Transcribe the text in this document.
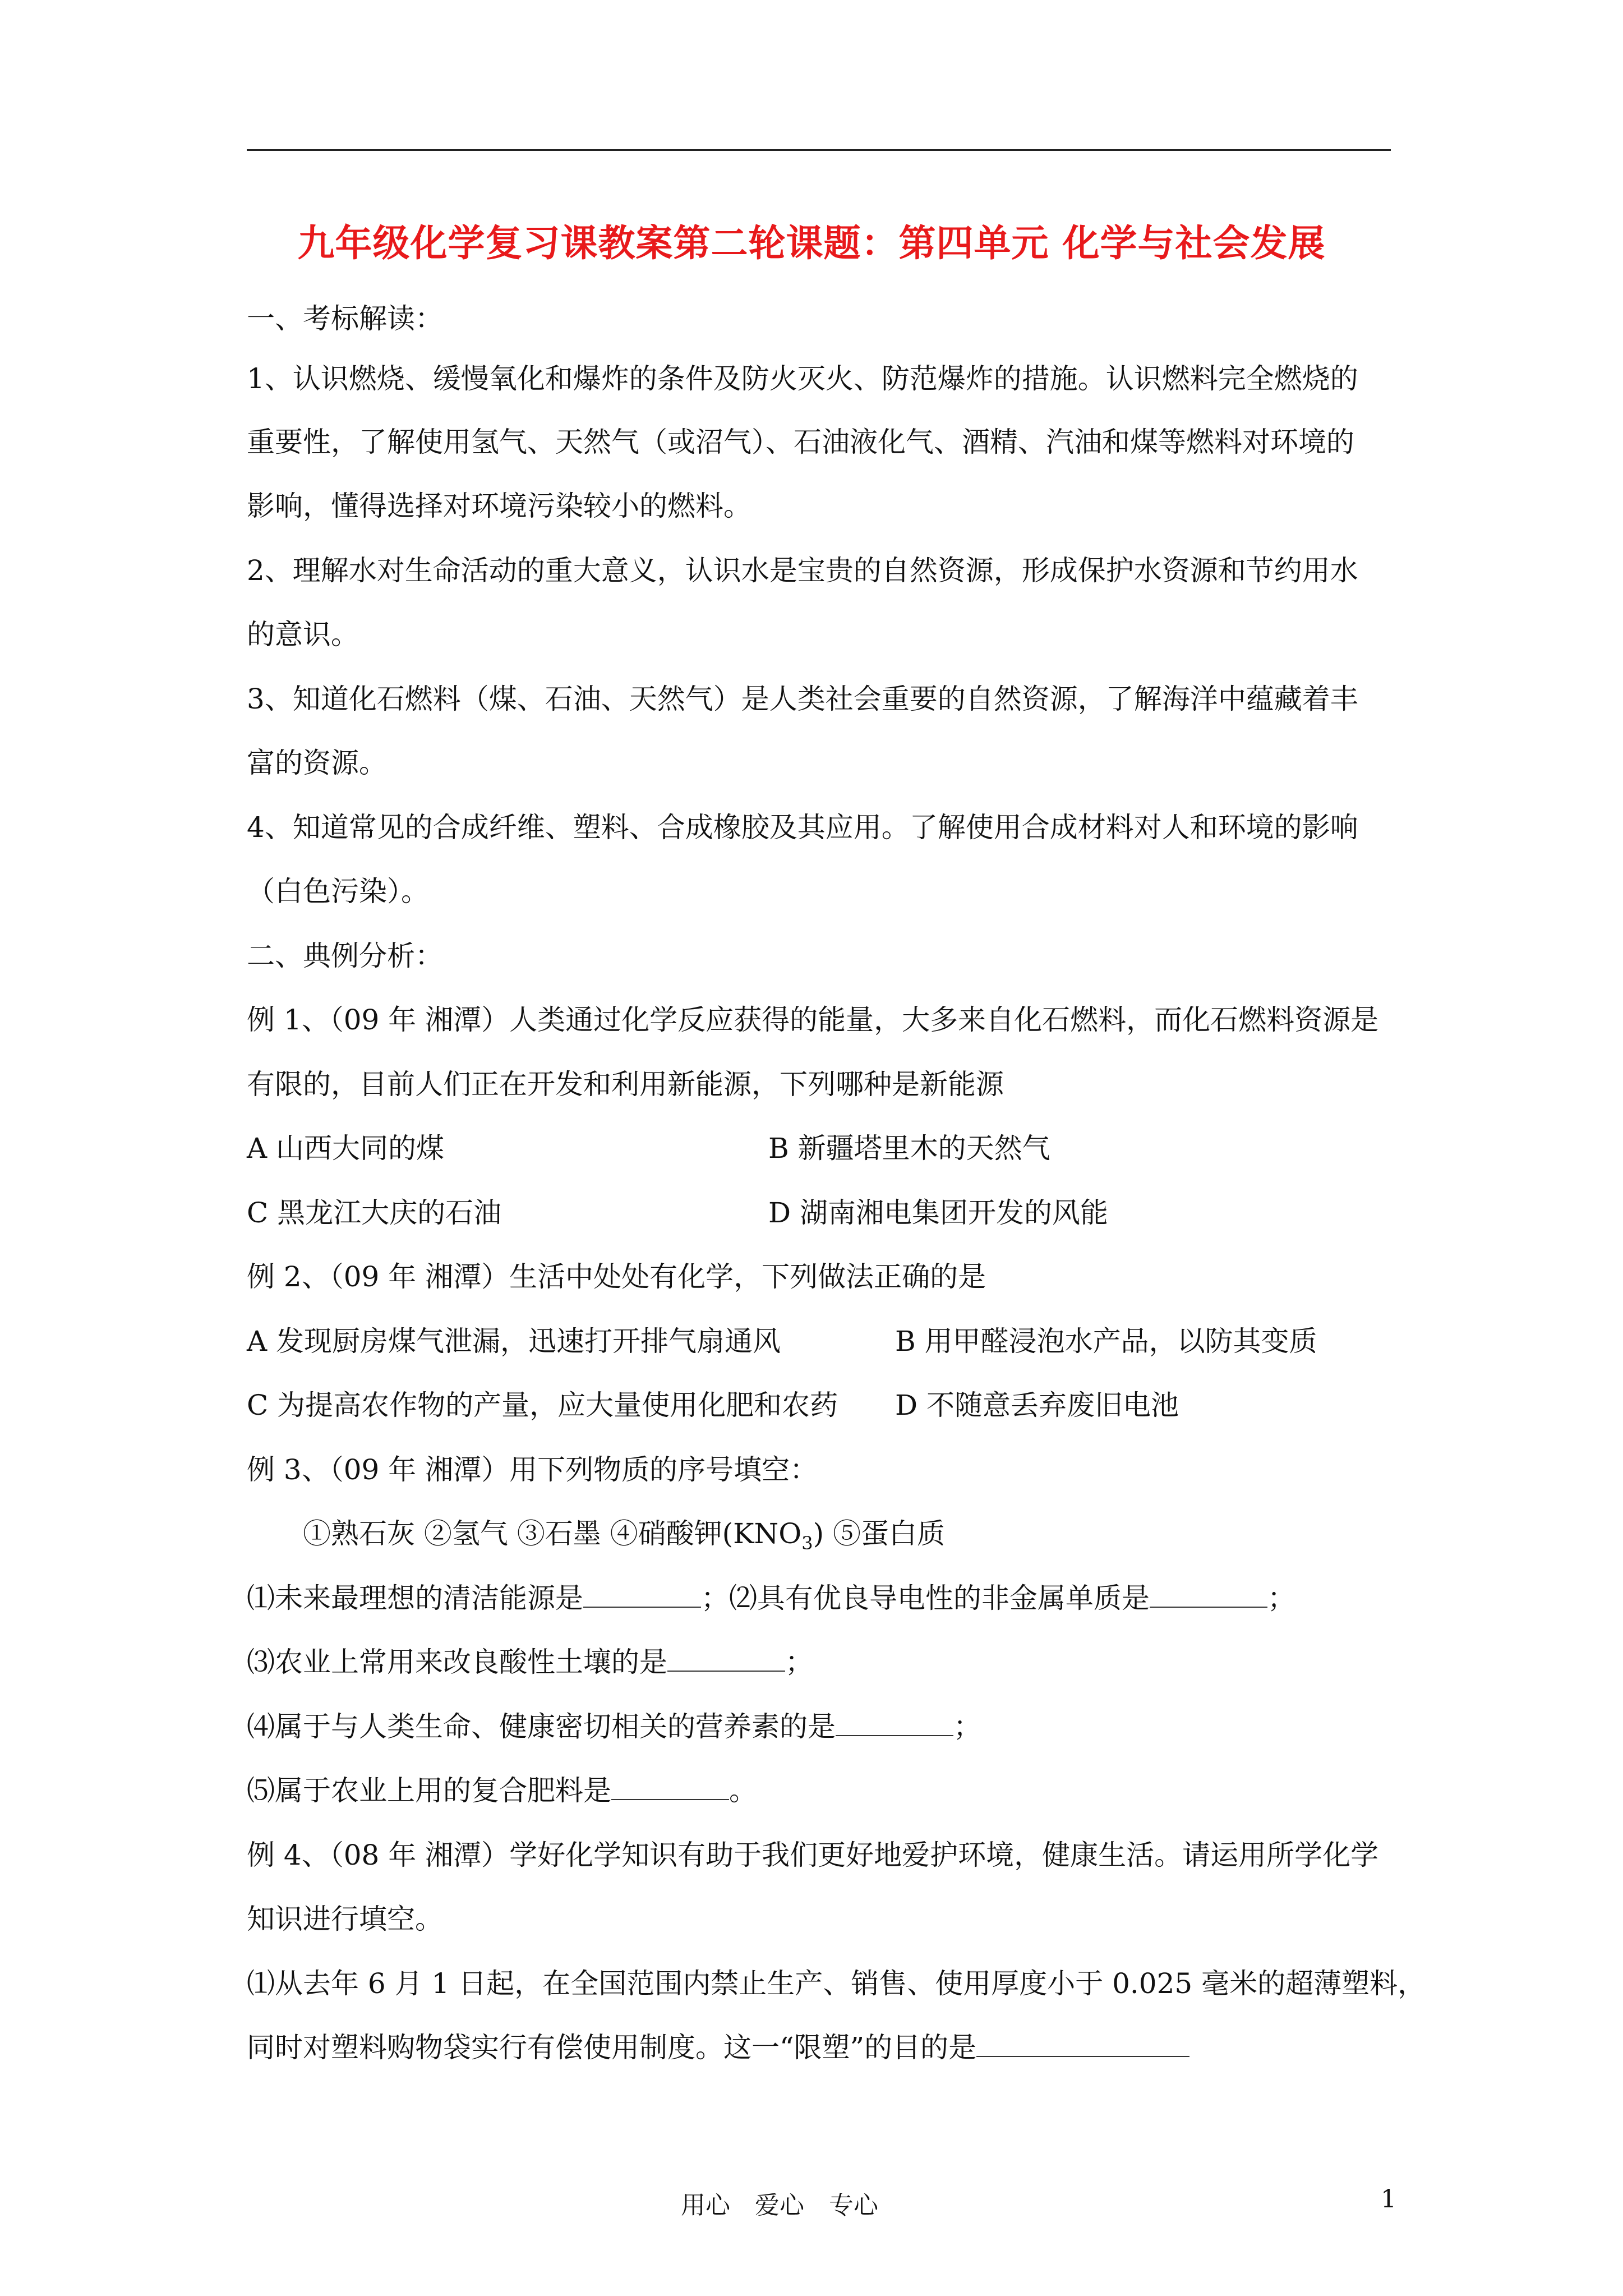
九年级化学复习课教案第二轮课题：第四单元 化学与社会发展
一、考标解读：
1、认识燃烧、缓慢氧化和爆炸的条件及防火灭火、防范爆炸的措施。认识燃料完全燃烧的
重要性，了解使用氢气、天然气（或沼气）、石油液化气、酒精、汽油和煤等燃料对环境的
影响，懂得选择对环境污染较小的燃料。
2、理解水对生命活动的重大意义，认识水是宝贵的自然资源，形成保护水资源和节约用水
的意识。
3、知道化石燃料（煤、石油、天然气）是人类社会重要的自然资源，了解海洋中蕴藏着丰
富的资源。
4、知道常见的合成纤维、塑料、合成橡胶及其应用。了解使用合成材料对人和环境的影响
（白色污染）。
二、典例分析：
例 1、（09 年 湘潭）人类通过化学反应获得的能量，大多来自化石燃料，而化石燃料资源是
有限的，目前人们正在开发和利用新能源，下列哪种是新能源
A 山西大同的煤	B 新疆塔里木的天然气
C 黑龙江大庆的石油	D 湖南湘电集团开发的风能
例 2、（09 年 湘潭）生活中处处有化学，下列做法正确的是
A 发现厨房煤气泄漏，迅速打开排气扇通风	B 用甲醛浸泡水产品，以防其变质
C 为提高农作物的产量，应大量使用化肥和农药 D 不随意丢弃废旧电池
例 3、（09 年 湘潭）用下列物质的序号填空：
①熟石灰 ②氢气 ③石墨 ④硝酸钾$(KNO_3)$ ⑤蛋白质
⑴未来最理想的清洁能源是	；⑵具有优良导电性的非金属单质是	；
⑶农业上常用来改良酸性土壤的是	；
⑷属于与人类生命、健康密切相关的营养素的是	；
⑸属于农业上用的复合肥料是	。
例 4、（08 年 湘潭）学好化学知识有助于我们更好地爱护环境，健康生活。请运用所学化学
知识进行填空。
⑴从去年 6 月 1 日起，在全国范围内禁止生产、销售、使用厚度小于 0.025 毫米的超薄塑料，
同时对塑料购物袋实行有偿使用制度。这一“限塑”的目的是
用心 爱心 专心	1
